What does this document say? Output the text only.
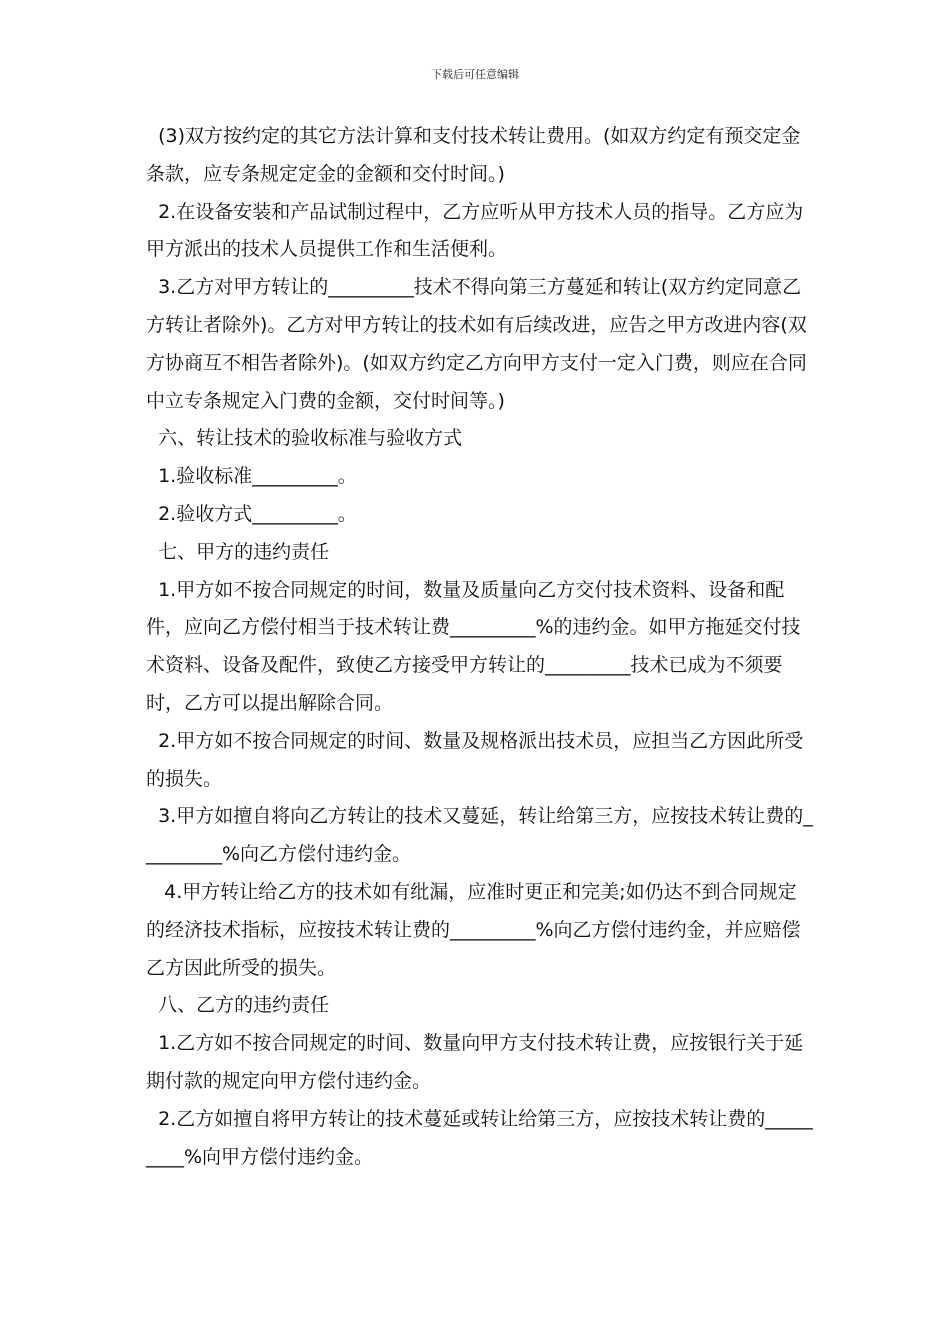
下载后可任意编辑

(3)双方按约定的其它方法计算和支付技术转让费用。(如双方约定有预交定金条款，应专条规定定金的金额和交付时间。)

2.在设备安装和产品试制过程中，乙方应听从甲方技术人员的指导。乙方应为甲方派出的技术人员提供工作和生活便利。

3.乙方对甲方转让的_________技术不得向第三方蔓延和转让(双方约定同意乙方转让者除外)。乙方对甲方转让的技术如有后续改进，应告之甲方改进内容(双方协商互不相告者除外)。(如双方约定乙方向甲方支付一定入门费，则应在合同中立专条规定入门费的金额，交付时间等。)

六、转让技术的验收标准与验收方式

1.验收标准_________。

2.验收方式_________。

七、甲方的违约责任

1.甲方如不按合同规定的时间，数量及质量向乙方交付技术资料、设备和配件，应向乙方偿付相当于技术转让费_________%的违约金。如甲方拖延交付技术资料、设备及配件，致使乙方接受甲方转让的_________技术已成为不须要时，乙方可以提出解除合同。

2.甲方如不按合同规定的时间、数量及规格派出技术员，应担当乙方因此所受的损失。

3.甲方如擅自将向乙方转让的技术又蔓延，转让给第三方，应按技术转让费的_________%向乙方偿付违约金。

4.甲方转让给乙方的技术如有纰漏，应准时更正和完美;如仍达不到合同规定的经济技术指标，应按技术转让费的_________%向乙方偿付违约金，并应赔偿乙方因此所受的损失。

八、乙方的违约责任

1.乙方如不按合同规定的时间、数量向甲方支付技术转让费，应按银行关于延期付款的规定向甲方偿付违约金。

2.乙方如擅自将甲方转让的技术蔓延或转让给第三方，应按技术转让费的_________%向甲方偿付违约金。
